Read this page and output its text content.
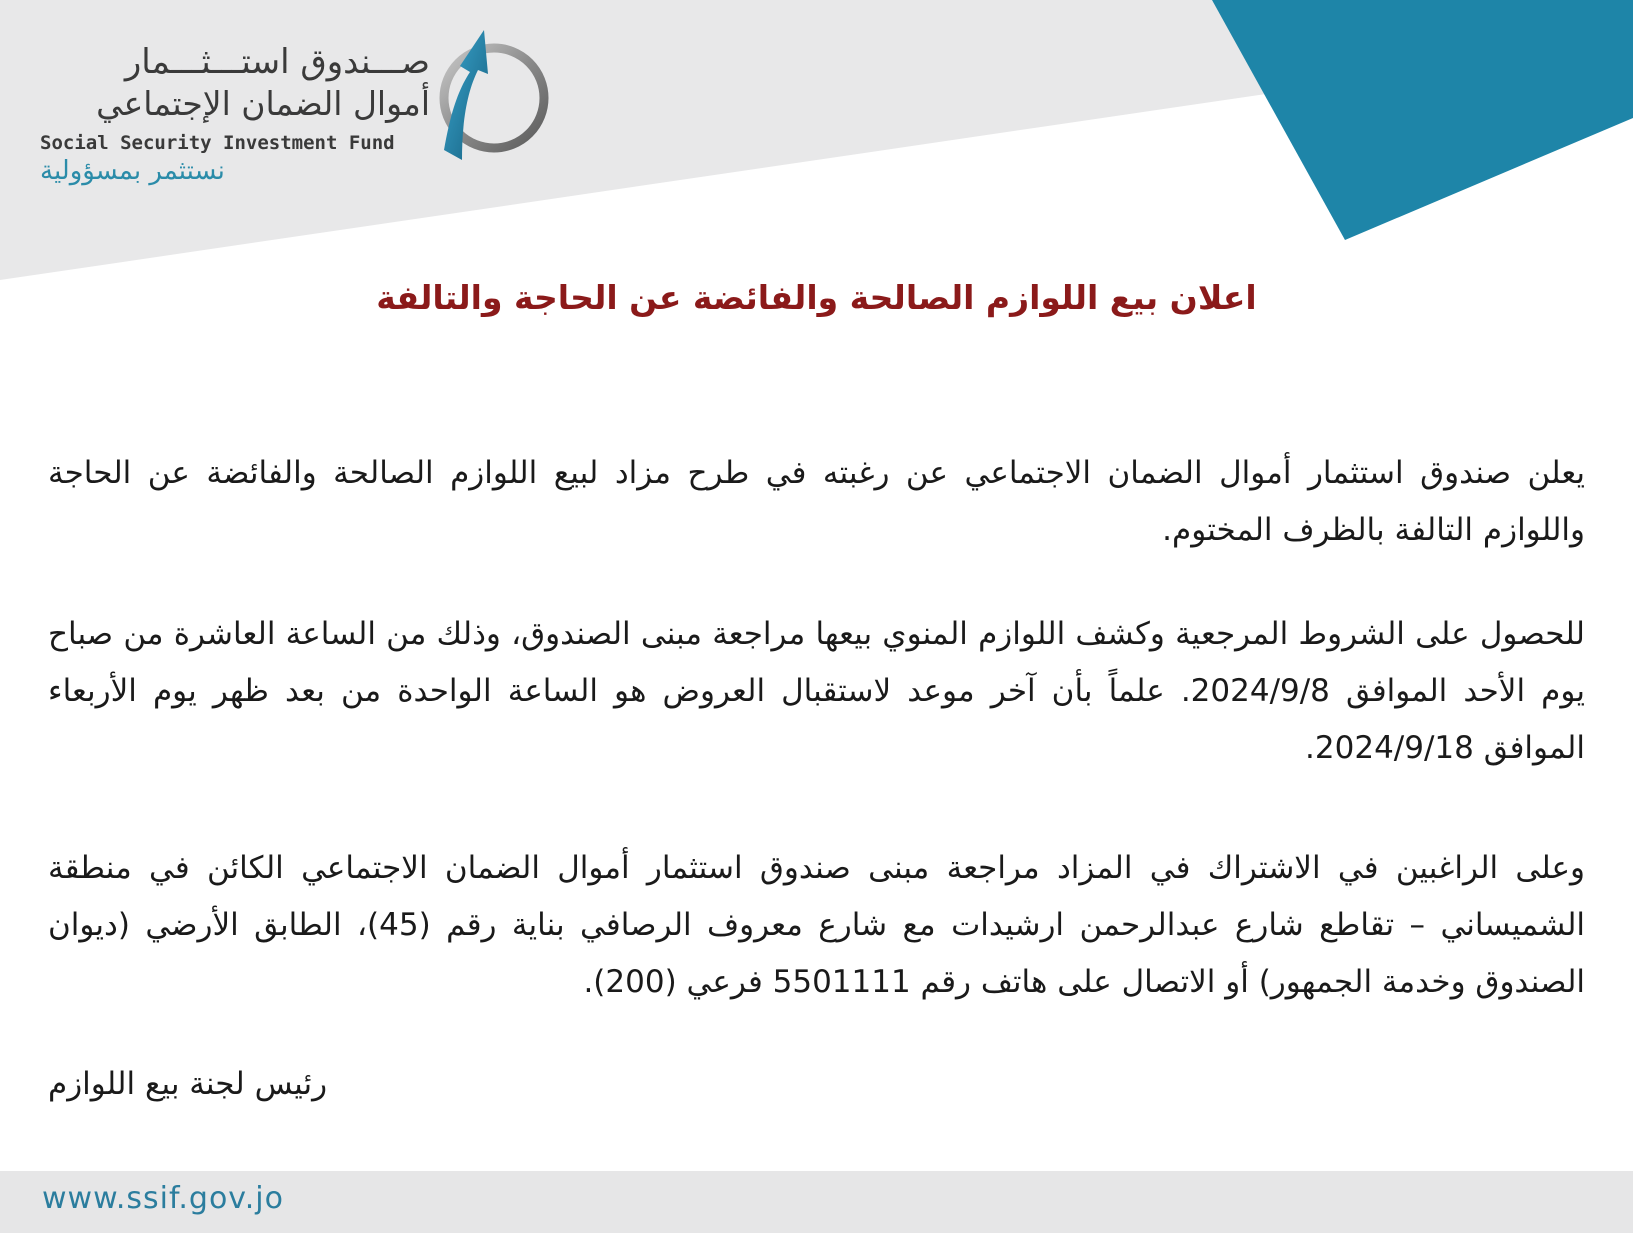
صـــندوق استـــثـــمار
أموال الضمان الإجتماعي
Social Security Investment Fund
نستثمر بمسؤولية
اعلان بيع اللوازم الصالحة والفائضة عن الحاجة والتالفة
يعلن صندوق استثمار أموال الضمان الاجتماعي عن رغبته في طرح مزاد لبيع اللوازم الصالحة والفائضة عن الحاجة واللوازم التالفة بالظرف المختوم.
للحصول على الشروط المرجعية وكشف اللوازم المنوي بيعها مراجعة مبنى الصندوق، وذلك من الساعة العاشرة من صباح يوم الأحد الموافق 2024/9/8. علماً بأن آخر موعد لاستقبال العروض هو الساعة الواحدة من بعد ظهر يوم الأربعاء الموافق 2024/9/18.
وعلى الراغبين في الاشتراك في المزاد مراجعة مبنى صندوق استثمار أموال الضمان الاجتماعي الكائن في منطقة الشميساني – تقاطع شارع عبدالرحمن ارشيدات مع شارع معروف الرصافي بناية رقم (45)، الطابق الأرضي (ديوان الصندوق وخدمة الجمهور) أو الاتصال على هاتف رقم 5501111 فرعي (200).
رئيس لجنة بيع اللوازم
www.ssif.gov.jo
